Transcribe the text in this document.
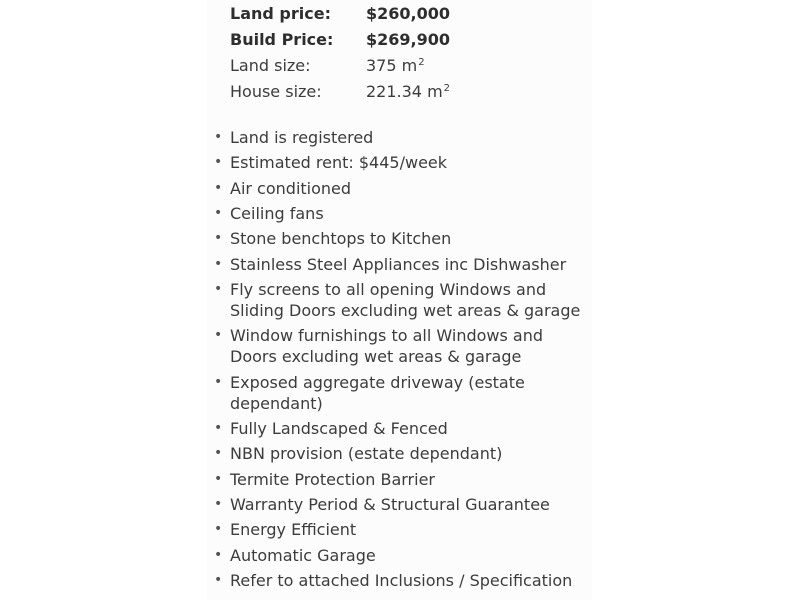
Land price: $260,000
Build Price: $269,900
Land size:	375 $m^2$
House size:	221.34 $m^2$
• Land is registered
• Estimated rent: $445/week
• Air conditioned
• Ceiling fans
• Stone benchtops to Kitchen
• Stainless Steel Appliances inc Dishwasher
• Fly screens to all opening Windows and
Sliding Doors excluding wet areas & garage
• Window furnishings to all Windows and
Doors excluding wet areas & garage
• Exposed aggregate driveway (estate
dependant)
• Fully Landscaped & Fenced
• NBN provision (estate dependant)
• Termite Protection Barrier
• Warranty Period & Structural Guarantee
• Energy Efficient
• Automatic Garage
• Refer to attached Inclusions / Specification
